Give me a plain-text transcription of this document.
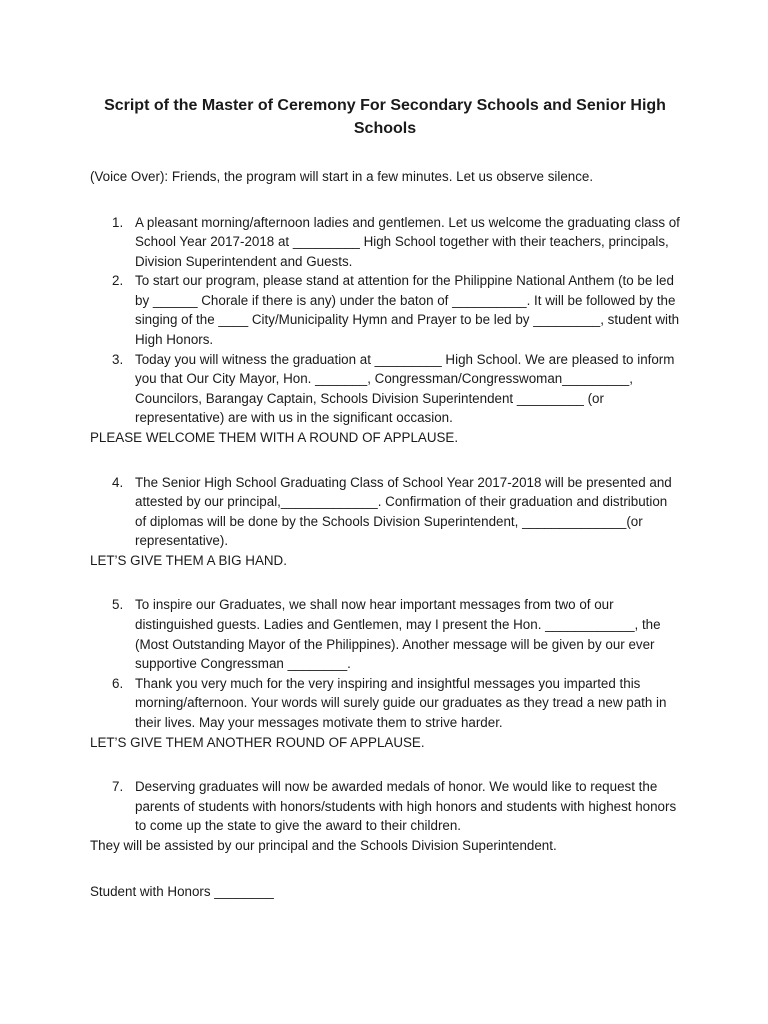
Script of the Master of Ceremony For Secondary Schools and Senior High Schools

(Voice Over): Friends, the program will start in a few minutes. Let us observe silence.

1. A pleasant morning/afternoon ladies and gentlemen. Let us welcome the graduating class of School Year 2017-2018 at _________ High School together with their teachers, principals, Division Superintendent and Guests.
2. To start our program, please stand at attention for the Philippine National Anthem (to be led by ______ Chorale if there is any) under the baton of __________. It will be followed by the singing of the ____ City/Municipality Hymn and Prayer to be led by _________, student with High Honors.
3. Today you will witness the graduation at _________ High School. We are pleased to inform you that Our City Mayor, Hon. _______, Congressman/Congresswoman_________, Councilors, Barangay Captain, Schools Division Superintendent _________ (or representative) are with us in the significant occasion.

PLEASE WELCOME THEM WITH A ROUND OF APPLAUSE.

4. The Senior High School Graduating Class of School Year 2017-2018 will be presented and attested by our principal,_____________. Confirmation of their graduation and distribution of diplomas will be done by the Schools Division Superintendent, ______________(or representative).

LET’S GIVE THEM A BIG HAND.

5. To inspire our Graduates, we shall now hear important messages from two of our distinguished guests. Ladies and Gentlemen, may I present the Hon. ____________, the (Most Outstanding Mayor of the Philippines). Another message will be given by our ever supportive Congressman ________.
6. Thank you very much for the very inspiring and insightful messages you imparted this morning/afternoon. Your words will surely guide our graduates as they tread a new path in their lives. May your messages motivate them to strive harder.

LET’S GIVE THEM ANOTHER ROUND OF APPLAUSE.

7. Deserving graduates will now be awarded medals of honor. We would like to request the parents of students with honors/students with high honors and students with highest honors to come up the state to give the award to their children.

They will be assisted by our principal and the Schools Division Superintendent.

Student with Honors ________
